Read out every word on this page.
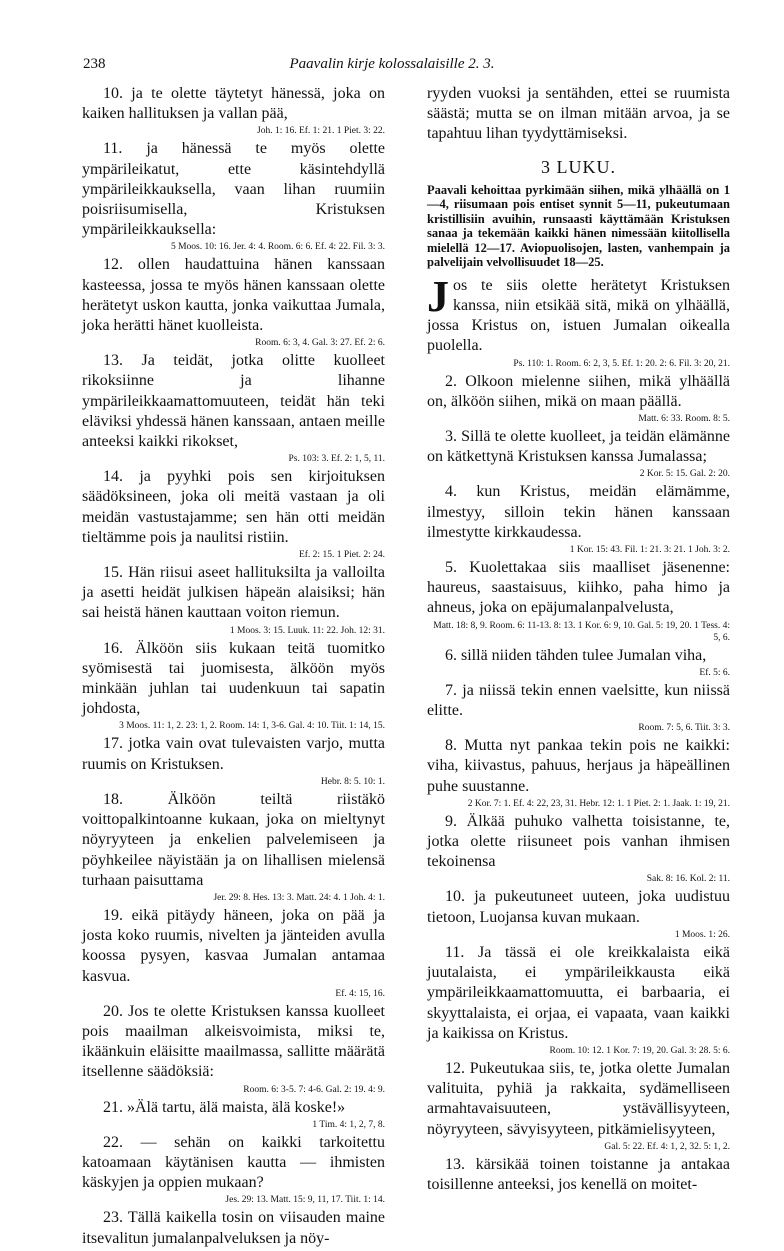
238	Paavalin kirje kolossalaisille 2. 3.

10. ja te olette täytetyt hänessä, joka on kaiken hallituksen ja vallan pää,

Joh. 1: 16. Ef. 1: 21. 1 Piet. 3: 22.

11. ja hänessä te myös olette ympärileikatut, ette käsintehdyllä ympärileikkauksella, vaan lihan ruumiin poisriisumisella, Kristuksen ympärileikkauksella:

5 Moos. 10: 16. Jer. 4: 4. Room. 6: 6. Ef. 4: 22. Fil. 3: 3.

12. ollen haudattuina hänen kanssaan kasteessa, jossa te myös hänen kanssaan olette herätetyt uskon kautta, jonka vaikuttaa Jumala, joka herätti hänet kuolleista.

Room. 6: 3, 4. Gal. 3: 27. Ef. 2: 6.

13. Ja teidät, jotka olitte kuolleet rikoksiinne ja lihanne ympärileikkaamattomuuteen, teidät hän teki eläviksi yhdessä hänen kanssaan, antaen meille anteeksi kaikki rikokset,

Ps. 103: 3. Ef. 2: 1, 5, 11.

14. ja pyyhki pois sen kirjoituksen säädöksineen, joka oli meitä vastaan ja oli meidän vastustajamme; sen hän otti meidän tieltämme pois ja naulitsi ristiin.

Ef. 2: 15. 1 Piet. 2: 24.

15. Hän riisui aseet hallituksilta ja valloilta ja asetti heidät julkisen häpeän alaisiksi; hän sai heistä hänen kauttaan voiton riemun.

1 Moos. 3: 15. Luuk. 11: 22. Joh. 12: 31.

16. Älköön siis kukaan teitä tuomitko syömisestä tai juomisesta, älköön myös minkään juhlan tai uudenkuun tai sapatin johdosta,

3 Moos. 11: 1, 2. 23: 1, 2. Room. 14: 1, 3-6. Gal. 4: 10. Tiit. 1: 14, 15.

17. jotka vain ovat tulevaisten varjo, mutta ruumis on Kristuksen.

Hebr. 8: 5. 10: 1.

18. Älköön teiltä riistäkö voittopalkintoanne kukaan, joka on mieltynyt nöyryyteen ja enkelien palvelemiseen ja pöyhkeilee näyistään ja on lihallisen mielensä turhaan paisuttama

Jer. 29: 8. Hes. 13: 3. Matt. 24: 4. 1 Joh. 4: 1.

19. eikä pitäydy häneen, joka on pää ja josta koko ruumis, nivelten ja jänteiden avulla koossa pysyen, kasvaa Jumalan antamaa kasvua.

Ef. 4: 15, 16.

20. Jos te olette Kristuksen kanssa kuolleet pois maailman alkeisvoimista, miksi te, ikäänkuin eläisitte maailmassa, sallitte määrätä itsellenne säädöksiä:

Room. 6: 3-5. 7: 4-6. Gal. 2: 19. 4: 9.

21. »Älä tartu, älä maista, älä koske!»

1 Tim. 4: 1, 2, 7, 8.

22. — sehän on kaikki tarkoitettu katoamaan käytänisen kautta — ihmisten käskyjen ja oppien mukaan?

Jes. 29: 13. Matt. 15: 9, 11, 17. Tiit. 1: 14.

23. Tällä kaikella tosin on viisauden maine itsevalitun jumalanpalveluksen ja nöy-

ryyden vuoksi ja sentähden, ettei se ruumista säästä; mutta se on ilman mitään arvoa, ja se tapahtuu lihan tyydyttämiseksi.

3 LUKU.

Paavali kehoittaa pyrkimään siihen, mikä ylhäällä on 1—4, riisumaan pois entiset synnit 5—11, pukeutumaan kristillisiin avuihin, runsaasti käyttämään Kristuksen sanaa ja tekemään kaikki hänen nimessään kiitollisella mielellä 12—17. Aviopuolisojen, lasten, vanhempain ja palvelijain velvollisuudet 18—25.

Jos te siis olette herätetyt Kristuksen kanssa, niin etsikää sitä, mikä on ylhäällä, jossa Kristus on, istuen Jumalan oikealla puolella.

Ps. 110: 1. Room. 6: 2, 3, 5. Ef. 1: 20. 2: 6. Fil. 3: 20, 21.

2. Olkoon mielenne siihen, mikä ylhäällä on, älköön siihen, mikä on maan päällä.

Matt. 6: 33. Room. 8: 5.

3. Sillä te olette kuolleet, ja teidän elämänne on kätkettynä Kristuksen kanssa Jumalassa;

2 Kor. 5: 15. Gal. 2: 20.

4. kun Kristus, meidän elämämme, ilmestyy, silloin tekin hänen kanssaan ilmestytte kirkkaudessa.

1 Kor. 15: 43. Fil. 1: 21. 3: 21. 1 Joh. 3: 2.

5. Kuolettakaa siis maalliset jäsenenne: haureus, saastaisuus, kiihko, paha himo ja ahneus, joka on epäjumalanpalvelusta,

Matt. 18: 8, 9. Room. 6: 11-13. 8: 13. 1 Kor. 6: 9, 10. Gal. 5: 19, 20. 1 Tess. 4: 5, 6.

6. sillä niiden tähden tulee Jumalan viha,

Ef. 5: 6.

7. ja niissä tekin ennen vaelsitte, kun niissä elitte.

Room. 7: 5, 6. Tiit. 3: 3.

8. Mutta nyt pankaa tekin pois ne kaikki: viha, kiivastus, pahuus, herjaus ja häpeällinen puhe suustanne.

2 Kor. 7: 1. Ef. 4: 22, 23, 31. Hebr. 12: 1. 1 Piet. 2: 1. Jaak. 1: 19, 21.

9. Älkää puhuko valhetta toisistanne, te, jotka olette riisuneet pois vanhan ihmisen tekoinensa

Sak. 8: 16. Kol. 2: 11.

10. ja pukeutuneet uuteen, joka uudistuu tietoon, Luojansa kuvan mukaan.

1 Moos. 1: 26.

11. Ja tässä ei ole kreikkalaista eikä juutalaista, ei ympärileikkausta eikä ympärileikkaamattomuutta, ei barbaaria, ei skyyttalaista, ei orjaa, ei vapaata, vaan kaikki ja kaikissa on Kristus.

Room. 10: 12. 1 Kor. 7: 19, 20. Gal. 3: 28. 5: 6.

12. Pukeutukaa siis, te, jotka olette Jumalan valituita, pyhiä ja rakkaita, sydämelliseen armahtavaisuuteen, ystävällisyyteen, nöyryyteen, sävyisyyteen, pitkämielisyyteen,

Gal. 5: 22. Ef. 4: 1, 2, 32. 5: 1, 2.

13. kärsikää toinen toistanne ja antakaa toisillenne anteeksi, jos kenellä on moitet-
